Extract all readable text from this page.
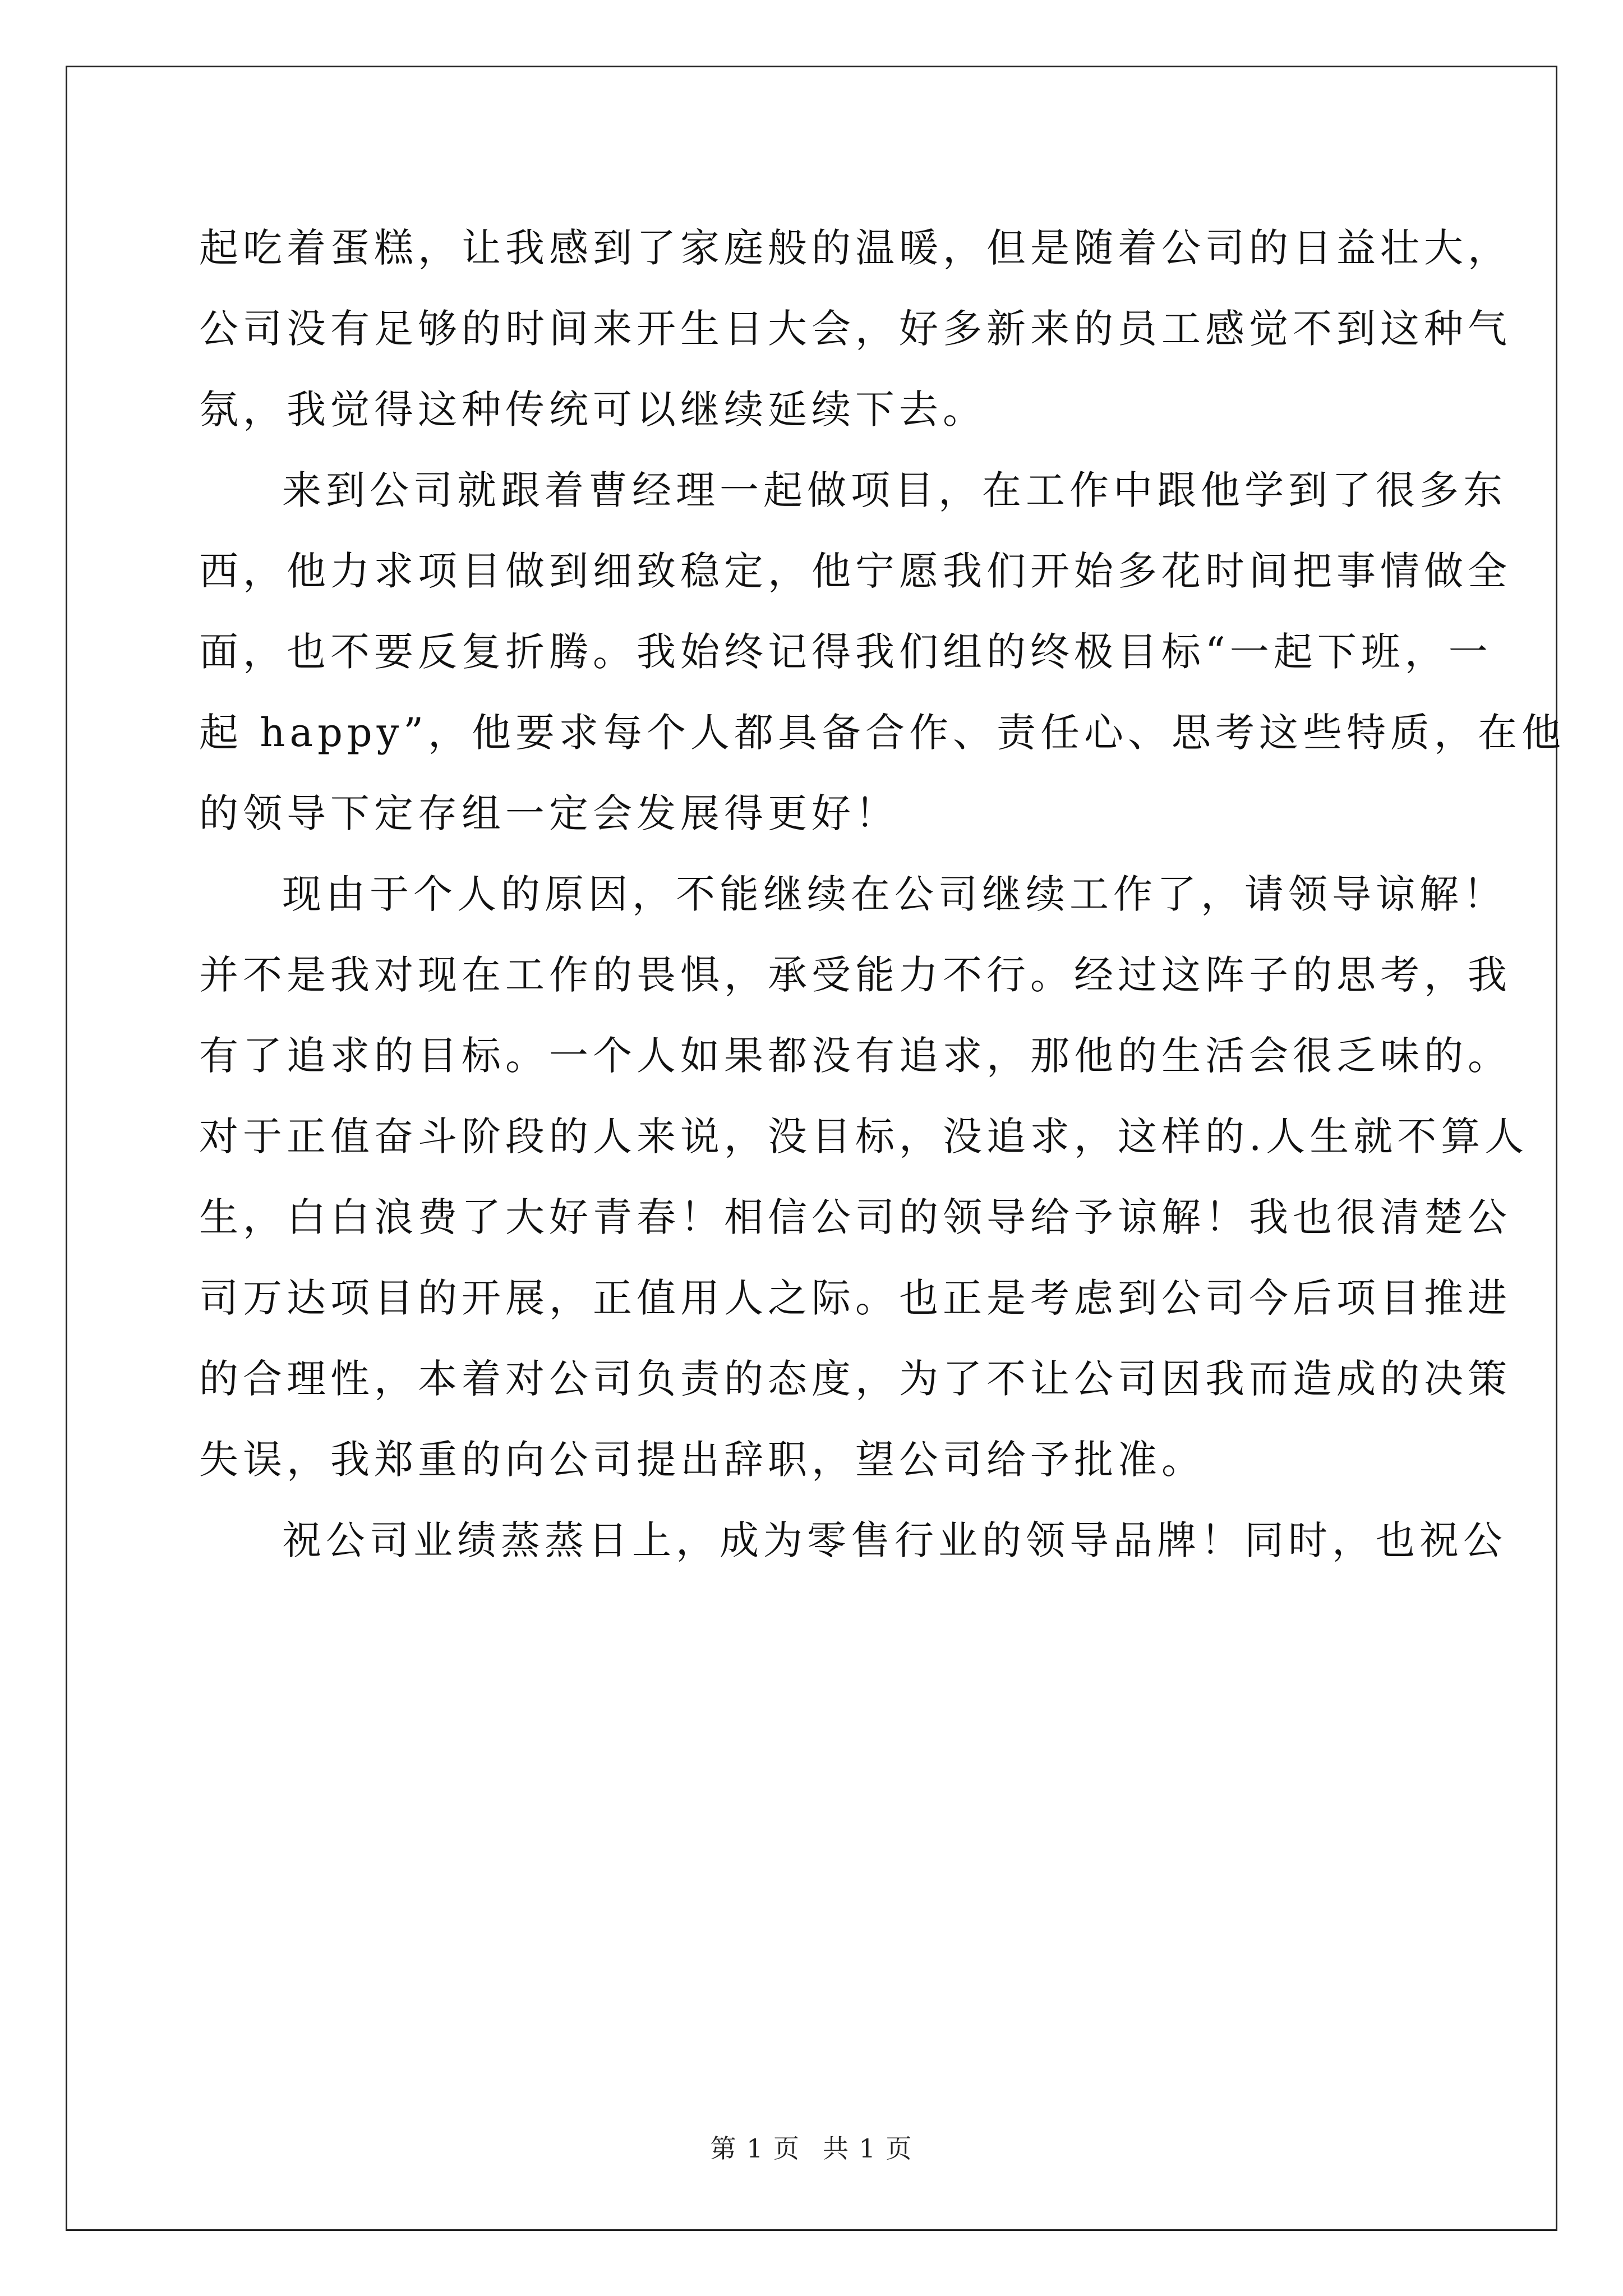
起吃着蛋糕，让我感到了家庭般的温暖，但是随着公司的日益壮大，
公司没有足够的时间来开生日大会，好多新来的员工感觉不到这种气
氛，我觉得这种传统可以继续延续下去。
来到公司就跟着曹经理一起做项目，在工作中跟他学到了很多东
西，他力求项目做到细致稳定，他宁愿我们开始多花时间把事情做全
面，也不要反复折腾。我始终记得我们组的终极目标“一起下班，一
起 happy”，他要求每个人都具备合作、责任心、思考这些特质，在他
的领导下定存组一定会发展得更好！
现由于个人的原因，不能继续在公司继续工作了，请领导谅解！
并不是我对现在工作的畏惧，承受能力不行。经过这阵子的思考，我
有了追求的目标。一个人如果都没有追求，那他的生活会很乏味的。
对于正值奋斗阶段的人来说，没目标，没追求，这样的.人生就不算人
生，白白浪费了大好青春！相信公司的领导给予谅解！我也很清楚公
司万达项目的开展，正值用人之际。也正是考虑到公司今后项目推进
的合理性，本着对公司负责的态度，为了不让公司因我而造成的决策
失误，我郑重的向公司提出辞职，望公司给予批准。
祝公司业绩蒸蒸日上，成为零售行业的领导品牌！同时，也祝公
第 1 页 共 1 页
